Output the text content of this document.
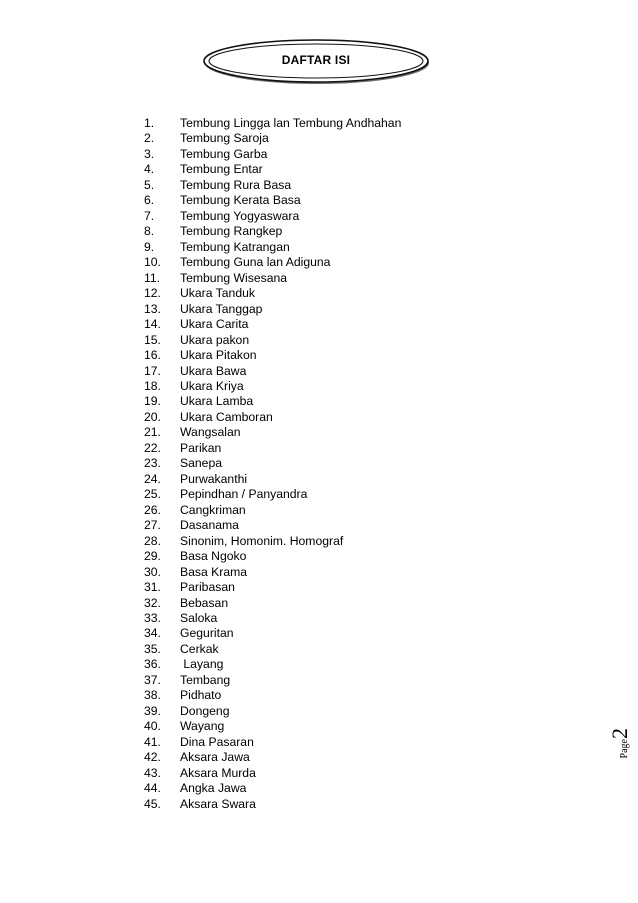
DAFTAR ISI
1. Tembung Lingga lan Tembung Andhahan
2. Tembung Saroja
3. Tembung Garba
4. Tembung Entar
5. Tembung Rura Basa
6. Tembung Kerata Basa
7. Tembung Yogyaswara
8. Tembung Rangkep
9. Tembung Katrangan
10. Tembung Guna lan Adiguna
11. Tembung Wisesana
12. Ukara Tanduk
13. Ukara Tanggap
14. Ukara Carita
15. Ukara pakon
16. Ukara Pitakon
17. Ukara Bawa
18. Ukara Kriya
19. Ukara Lamba
20. Ukara Camboran
21. Wangsalan
22. Parikan
23. Sanepa
24. Purwakanthi
25. Pepindhan / Panyandra
26. Cangkriman
27. Dasanama
28. Sinonim, Homonim. Homograf
29. Basa Ngoko
30. Basa Krama
31. Paribasan
32. Bebasan
33. Saloka
34. Geguritan
35. Cerkak
36. Layang
37. Tembang
38. Pidhato
39. Dongeng
40. Wayang
41. Dina Pasaran
42. Aksara Jawa
43. Aksara Murda
44. Angka Jawa
45. Aksara Swara
Page
2
